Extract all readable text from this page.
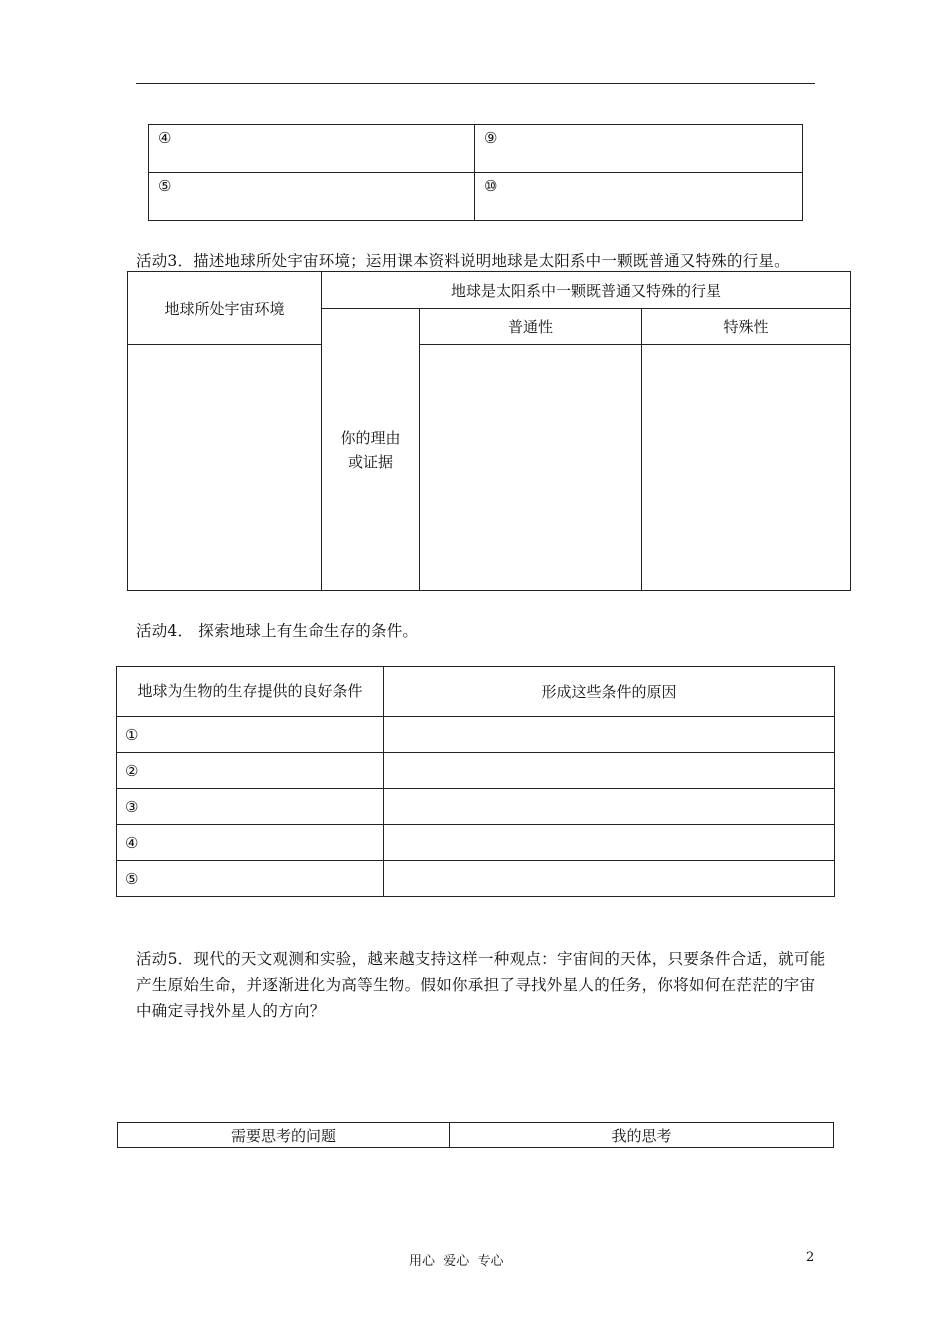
④	⑨

⑤	⑩
活动3．描述地球所处宇宙环境；运用课本资料说明地球是太阳系中一颗既普通又特殊的行星。
地球所处宇宙环境	地球是太阳系中一颗既普通又特殊的行星		

	你的理由或证据	普通性	特殊性

活动4． 探索地球上有生命生存的条件。
地球为生物的生存提供的良好条件	形成这些条件的原因
①	
②	
③	
④	
⑤	
活动5．现代的天文观测和实验，越来越支持这样一种观点：宇宙间的天体，只要条件合适，就可能产生原始生命，并逐渐进化为高等生物。假如你承担了寻找外星人的任务，你将如何在茫茫的宇宙中确定寻找外星人的方向？
需要思考的问题	我的思考
用心  爱心  专心	2
